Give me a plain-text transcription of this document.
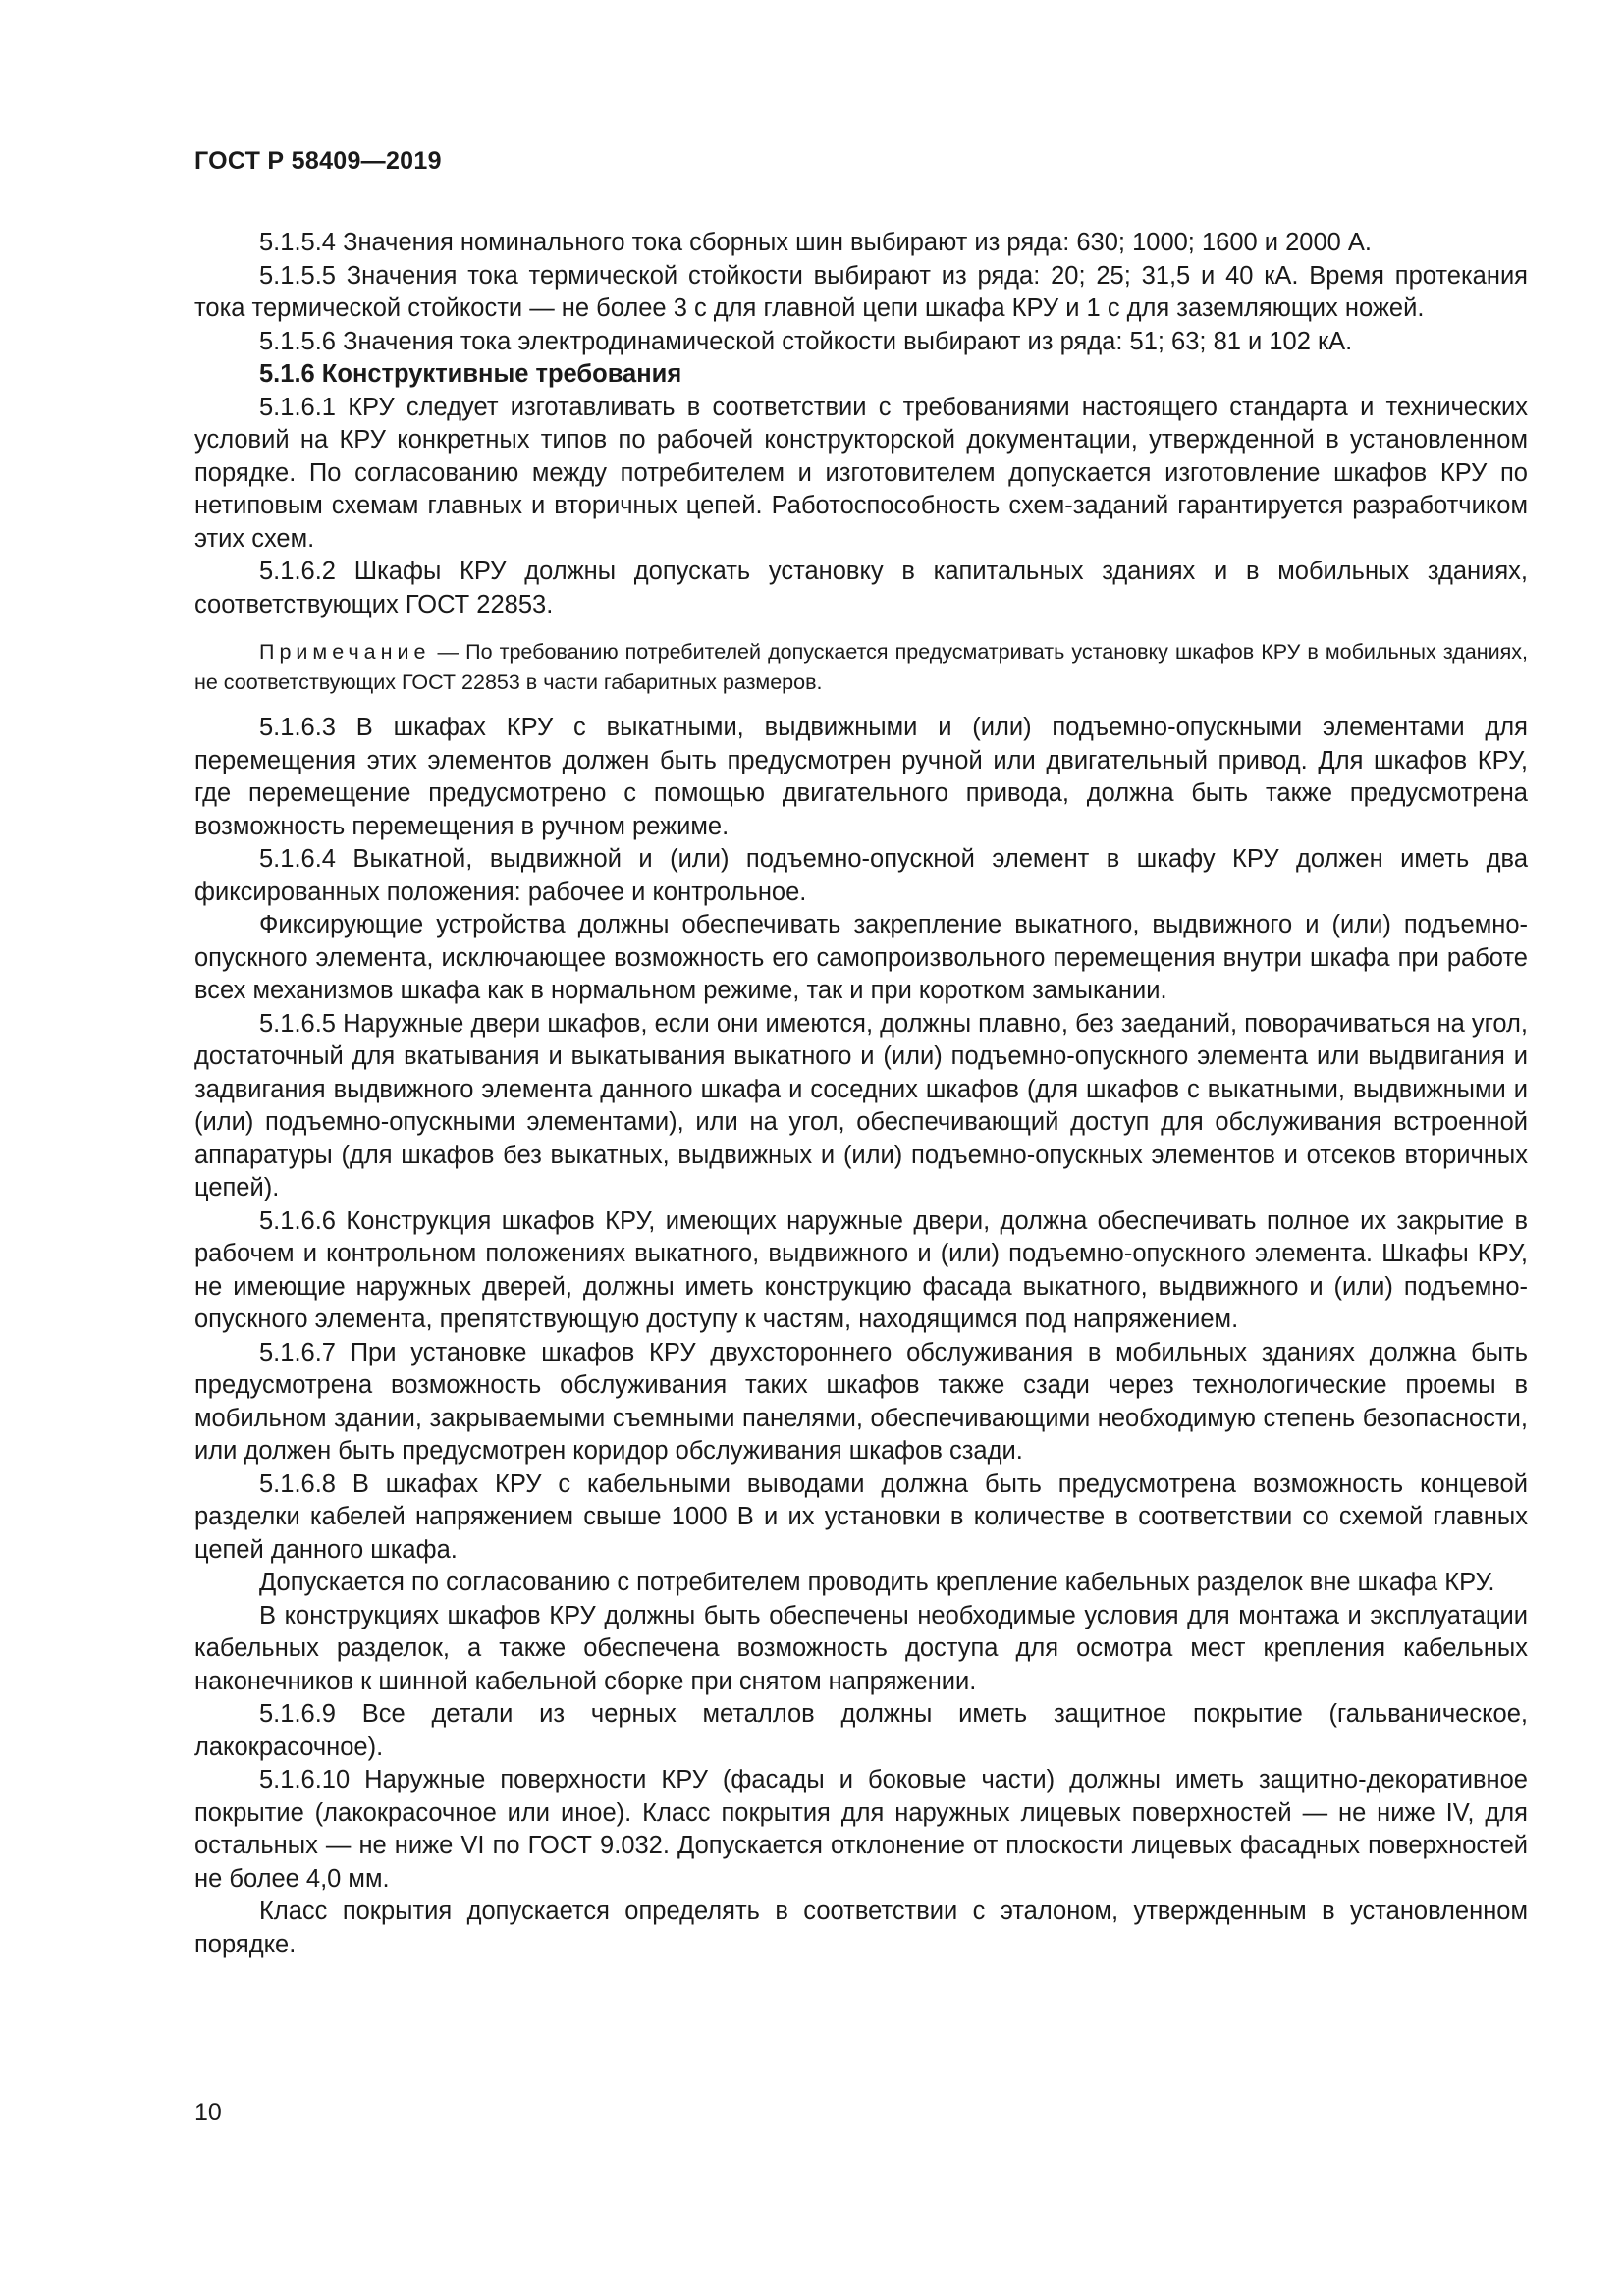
ГОСТ Р 58409—2019

5.1.5.4 Значения номинального тока сборных шин выбирают из ряда: 630; 1000; 1600 и 2000 А.

5.1.5.5 Значения тока термической стойкости выбирают из ряда: 20; 25; 31,5 и 40 кА. Время протекания тока термической стойкости — не более 3 с для главной цепи шкафа КРУ и 1 с для заземляющих ножей.

5.1.5.6 Значения тока электродинамической стойкости выбирают из ряда: 51; 63; 81 и 102 кА.

5.1.6 Конструктивные требования

5.1.6.1 КРУ следует изготавливать в соответствии с требованиями настоящего стандарта и технических условий на КРУ конкретных типов по рабочей конструкторской документации, утвержденной в установленном порядке. По согласованию между потребителем и изготовителем допускается изготовление шкафов КРУ по нетиповым схемам главных и вторичных цепей. Работоспособность схем-заданий гарантируется разработчиком этих схем.

5.1.6.2 Шкафы КРУ должны допускать установку в капитальных зданиях и в мобильных зданиях, соответствующих ГОСТ 22853.

Примечание — По требованию потребителей допускается предусматривать установку шкафов КРУ в мобильных зданиях, не соответствующих ГОСТ 22853 в части габаритных размеров.

5.1.6.3 В шкафах КРУ с выкатными, выдвижными и (или) подъемно-опускными элементами для перемещения этих элементов должен быть предусмотрен ручной или двигательный привод. Для шкафов КРУ, где перемещение предусмотрено с помощью двигательного привода, должна быть также предусмотрена возможность перемещения в ручном режиме.

5.1.6.4 Выкатной, выдвижной и (или) подъемно-опускной элемент в шкафу КРУ должен иметь два фиксированных положения: рабочее и контрольное.

Фиксирующие устройства должны обеспечивать закрепление выкатного, выдвижного и (или) подъемно-опускного элемента, исключающее возможность его самопроизвольного перемещения внутри шкафа при работе всех механизмов шкафа как в нормальном режиме, так и при коротком замыкании.

5.1.6.5 Наружные двери шкафов, если они имеются, должны плавно, без заеданий, поворачиваться на угол, достаточный для вкатывания и выкатывания выкатного и (или) подъемно-опускного элемента или выдвигания и задвигания выдвижного элемента данного шкафа и соседних шкафов (для шкафов с выкатными, выдвижными и (или) подъемно-опускными элементами), или на угол, обеспечивающий доступ для обслуживания встроенной аппаратуры (для шкафов без выкатных, выдвижных и (или) подъемно-опускных элементов и отсеков вторичных цепей).

5.1.6.6 Конструкция шкафов КРУ, имеющих наружные двери, должна обеспечивать полное их закрытие в рабочем и контрольном положениях выкатного, выдвижного и (или) подъемно-опускного элемента. Шкафы КРУ, не имеющие наружных дверей, должны иметь конструкцию фасада выкатного, выдвижного и (или) подъемно-опускного элемента, препятствующую доступу к частям, находящимся под напряжением.

5.1.6.7 При установке шкафов КРУ двухстороннего обслуживания в мобильных зданиях должна быть предусмотрена возможность обслуживания таких шкафов также сзади через технологические проемы в мобильном здании, закрываемыми съемными панелями, обеспечивающими необходимую степень безопасности, или должен быть предусмотрен коридор обслуживания шкафов сзади.

5.1.6.8 В шкафах КРУ с кабельными выводами должна быть предусмотрена возможность концевой разделки кабелей напряжением свыше 1000 В и их установки в количестве в соответствии со схемой главных цепей данного шкафа.

Допускается по согласованию с потребителем проводить крепление кабельных разделок вне шкафа КРУ.

В конструкциях шкафов КРУ должны быть обеспечены необходимые условия для монтажа и эксплуатации кабельных разделок, а также обеспечена возможность доступа для осмотра мест крепления кабельных наконечников к шинной кабельной сборке при снятом напряжении.

5.1.6.9 Все детали из черных металлов должны иметь защитное покрытие (гальваническое, лакокрасочное).

5.1.6.10 Наружные поверхности КРУ (фасады и боковые части) должны иметь защитно-декоративное покрытие (лакокрасочное или иное). Класс покрытия для наружных лицевых поверхностей — не ниже IV, для остальных — не ниже VI по ГОСТ 9.032. Допускается отклонение от плоскости лицевых фасадных поверхностей не более 4,0 мм.

Класс покрытия допускается определять в соответствии с эталоном, утвержденным в установленном порядке.

10
